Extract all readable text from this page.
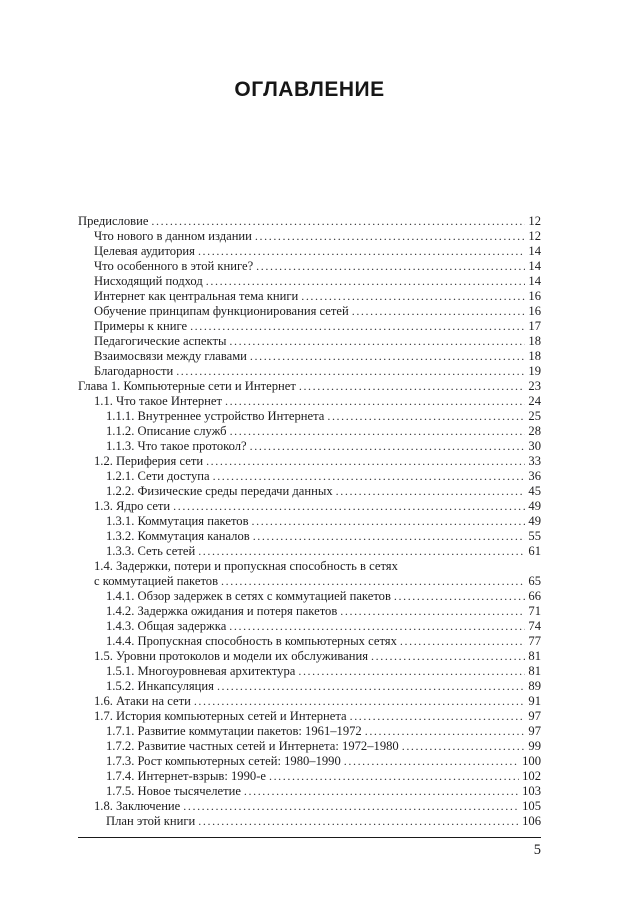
ОГЛАВЛЕНИЕ
Предисловие .....	12
Что нового в данном издании .....	12
Целевая аудитория .....	14
Что особенного в этой книге? .....	14
Нисходящий подход .....	14
Интернет как центральная тема книги .....	16
Обучение принципам функционирования сетей .....	16
Примеры к книге .....	17
Педагогические аспекты .....	18
Взаимосвязи между главами .....	18
Благодарности .....	19
Глава 1. Компьютерные сети и Интернет .....	23
1.1. Что такое Интернет .....	24
1.1.1. Внутреннее устройство Интернета .....	25
1.1.2. Описание служб .....	28
1.1.3. Что такое протокол? .....	30
1.2. Периферия сети .....	33
1.2.1. Сети доступа .....	36
1.2.2. Физические среды передачи данных .....	45
1.3. Ядро сети .....	49
1.3.1. Коммутация пакетов .....	49
1.3.2. Коммутация каналов .....	55
1.3.3. Сеть сетей .....	61
1.4. Задержки, потери и пропускная способность в сетях
с коммутацией пакетов .....	65
1.4.1. Обзор задержек в сетях с коммутацией пакетов .....	66
1.4.2. Задержка ожидания и потеря пакетов .....	71
1.4.3. Общая задержка .....	74
1.4.4. Пропускная способность в компьютерных сетях .....	77
1.5. Уровни протоколов и модели их обслуживания .....	81
1.5.1. Многоуровневая архитектура .....	81
1.5.2. Инкапсуляция .....	89
1.6. Атаки на сети .....	91
1.7. История компьютерных сетей и Интернета .....	97
1.7.1. Развитие коммутации пакетов: 1961–1972 .....	97
1.7.2. Развитие частных сетей и Интернета: 1972–1980 .....	99
1.7.3. Рост компьютерных сетей: 1980–1990 .....	100
1.7.4. Интернет-взрыв: 1990-е .....	102
1.7.5. Новое тысячелетие .....	103
1.8. Заключение .....	105
План этой книги .....	106
5
